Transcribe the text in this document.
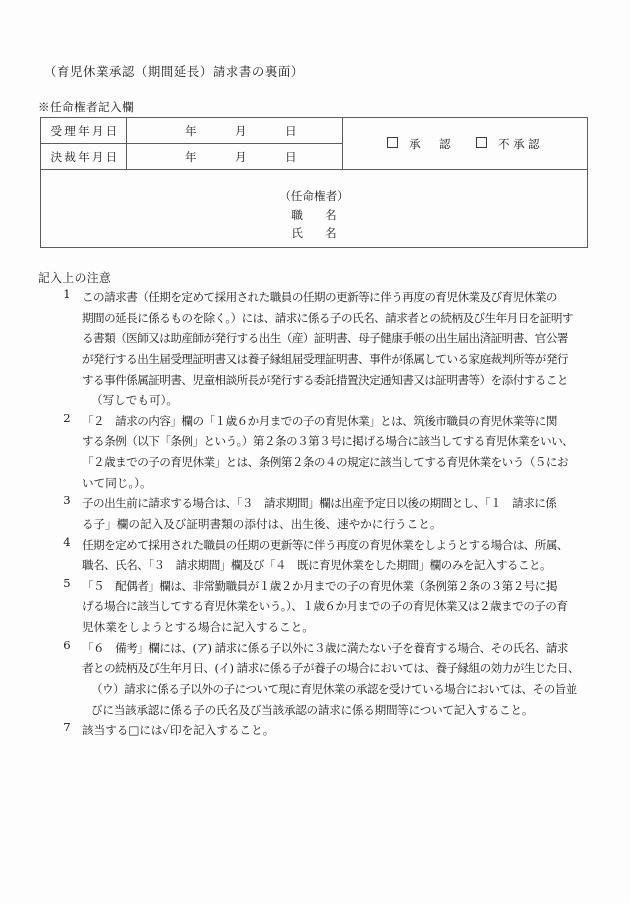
（育児休業承認（期間延長）請求書の裏面）
※任命権者記入欄
受理年月日	年 月 日	承　認 不承認

決裁年月日	年 月 日	

（任命権者）
職 名
氏 名		
記入上の注意
1 この請求書（任期を定めて採用された職員の任期の更新等に伴う再度の育児休業及び育児休業の
期間の延長に係るものを除く。）には、請求に係る子の氏名、請求者との続柄及び生年月日を証明す
る書類（医師又は助産師が発行する出生（産）証明書、母子健康手帳の出生届出済証明書、官公署
が発行する出生届受理証明書又は養子縁組届受理証明書、事件が係属している家庭裁判所等が発行
する事件係属証明書、児童相談所長が発行する委託措置決定通知書又は証明書等）を添付すること
（写しでも可）。
2 「２　請求の内容」欄の「１歳６か月までの子の育児休業」とは、筑後市職員の育児休業等に関
する条例（以下「条例」という。）第２条の３第３号に掲げる場合に該当してする育児休業をいい、
「２歳までの子の育児休業」とは、条例第２条の４の規定に該当してする育児休業をいう（５にお
いて同じ。）。
3 子の出生前に請求する場合は、「３　請求期間」欄は出産予定日以後の期間とし、「１　請求に係
る子」欄の記入及び証明書類の添付は、出生後、速やかに行うこと。
4 任期を定めて採用された職員の任期の更新等に伴う再度の育児休業をしようとする場合は、所属、
職名、氏名、「３　請求期間」欄及び「４　既に育児休業をした期間」欄のみを記入すること。
5 「５　配偶者」欄は、非常勤職員が１歳２か月までの子の育児休業（条例第２条の３第２号に掲
げる場合に該当してする育児休業をいう。）、１歳６か月までの子の育児休業又は２歳までの子の育
児休業をしようとする場合に記入すること。
6 「６　備考」欄には、(ア) 請求に係る子以外に３歳に満たない子を養育する場合、その氏名、請求
者との続柄及び生年月日、(イ) 請求に係る子が養子の場合においては、養子縁組の効力が生じた日、
（ウ）請求に係る子以外の子について現に育児休業の承認を受けている場合においては、その旨並
びに当該承認に係る子の氏名及び当該承認の請求に係る期間等について記入すること。
7 該当する□には✓印を記入すること。
